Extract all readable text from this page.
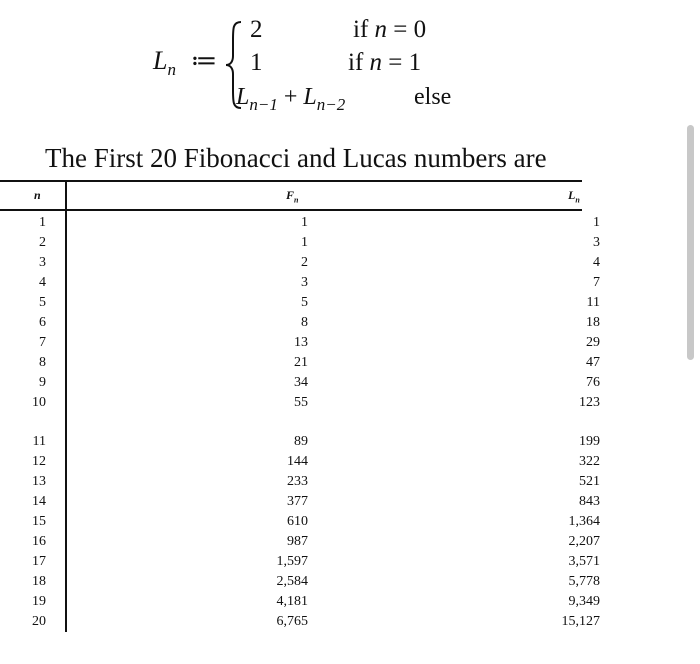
$L_n$ ≔
2	if n = 0
1	if n = 1
$L_{n-1} + L_{n-2}$	else
The First 20 Fibonacci and Lucas numbers are
n	$F_n$	$L_n$
1	1	1
2	1	3
3	2	4
4	3	7
5	5	11
6	8	18
7	13	29
8	21	47
9	34	76
10	55	123
11	89	199
12	144	322
13	233	521
14	377	843
15	610	1,364
16	987	2,207
17	1,597	3,571
18	2,584	5,778
19	4,181	9,349
20	6,765	15,127
